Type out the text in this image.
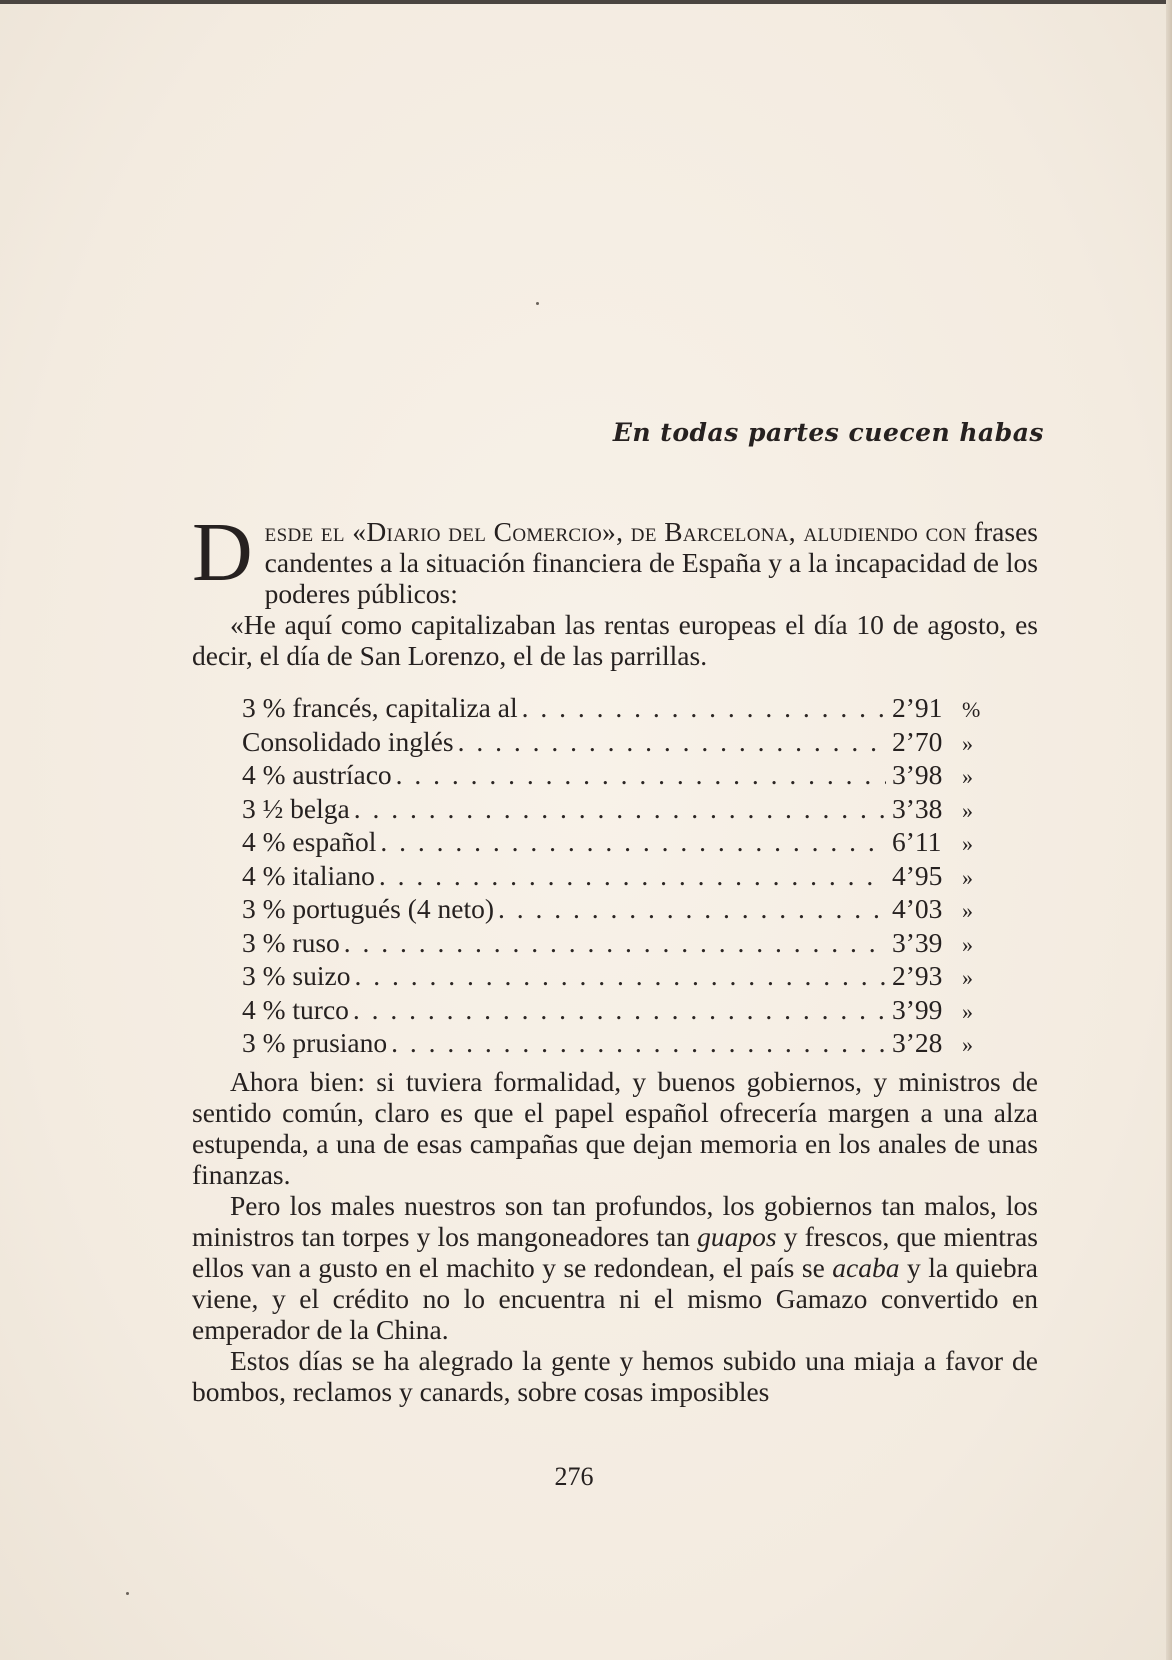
En todas partes cuecen habas

Desde el «Diario del Comercio», de Barcelona, aludiendo con frases candentes a la situación financiera de España y a la incapacidad de los poderes públicos:

«He aquí como capitalizaban las rentas europeas el día 10 de agosto, es decir, el día de San Lorenzo, el de las parrillas.

3 % francés, capitaliza al . . .	2’91 %
Consolidado inglés . . .	2’70 »
4 % austríaco . . .	3’98 »
3 ½ belga . . .	3’38 »
4 % español . . .	6’11 »
4 % italiano . . .	4’95 »
3 % portugués (4 neto) . . .	4’03 »
3 % ruso . . .	3’39 »
3 % suizo . . .	2’93 »
4 % turco . . .	3’99 »
3 % prusiano . . .	3’28 »

Ahora bien: si tuviera formalidad, y buenos gobiernos, y ministros de sentido común, claro es que el papel español ofrecería margen a una alza estupenda, a una de esas campañas que dejan memoria en los anales de unas finanzas.

Pero los males nuestros son tan profundos, los gobiernos tan malos, los ministros tan torpes y los mangoneadores tan guapos y frescos, que mientras ellos van a gusto en el machito y se redondean, el país se acaba y la quiebra viene, y el crédito no lo encuentra ni el mismo Gamazo convertido en emperador de la China.

Estos días se ha alegrado la gente y hemos subido una miaja a favor de bombos, reclamos y canards, sobre cosas imposibles

276
